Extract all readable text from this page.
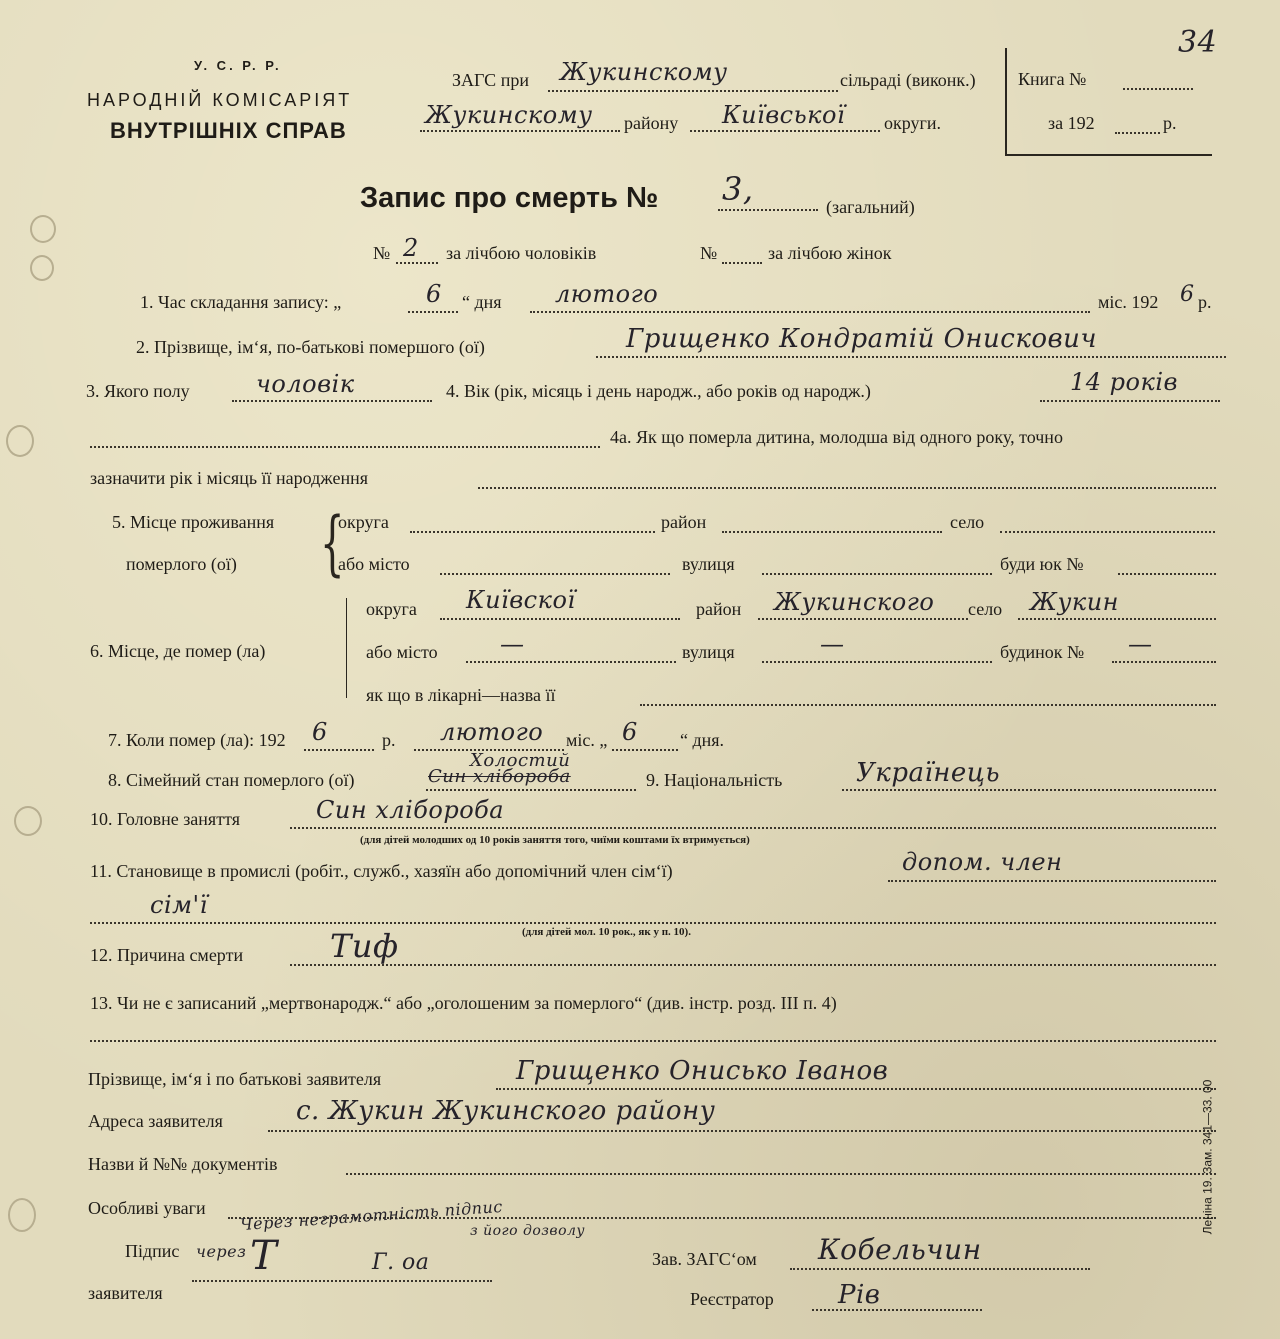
34
У. С. Р. Р.
НАРОДНІЙ КОМІСАРІЯТ
ВНУТРІШНІХ СПРАВ
ЗАГС при Жукинскому	сільраді (виконк.)
Жукинскому району Київської округи.
Книга №
за 192	р.
Запис про смерть № 3,	(загальний)
№ 2 за лічбою чоловіків	№	за лічбою жінок
1. Час складання запису: „	6 “ дня лютого	міс. 192 6 р.
2. Прізвище, ім‘я, по-батькові помершого (ої)	Грищенко Кондратій Онискович
3. Якого полу	чоловік	4. Вік (рік, місяць і день народж., або років од народж.)	14 років
4а. Як що померла дитина, молодша від одного року, точно
зазначити рік і місяць її народження
5. Місце проживання
померлого (ої) {
округа	район	село
або місто	вулиця	буди юк №
6. Місце, де помер (ла)
округа Київскої	район Жукинского село Жукин
або місто	—	вулиця	—	будинок № —
як що в лікарні—назва її
7. Коли помер (ла): 192 6	р. лютого міс. „ 6 “ дня.
8. Сімейний стан померлого (ої)
Холостий
Син хлібороба	9. Національність	Українець
10. Головне заняття	Син хлібороба
(для дітей молодших од 10 років заняття того, чиїми коштами їх втримується)
11. Становище в промислі (робіт., служб., хазяїн або допомічний член сім‘ї)	допом. член
сім'ї
(для дітей мол. 10 рок., як у п. 10).
12. Причина смерти	Тиф
13. Чи не є записаний „мертвонародж.“ або „оголошеним за померлого“ (див. інстр. розд. III п. 4)
Прізвище, ім‘я і по батькові заявителя	Грищенко Онисько Іванов
Адреса заявителя	с. Жукин Жукинского району
Назви й №№ документів
Особливі уваги
Підпис
заявителя
Через неграмотність підпис
з його дозволу
через Т	Г. оа	Зав. ЗАГС‘ом Кобельчин
Реєстратор Рів
Леніна 19. Зам. 341—33. 00
